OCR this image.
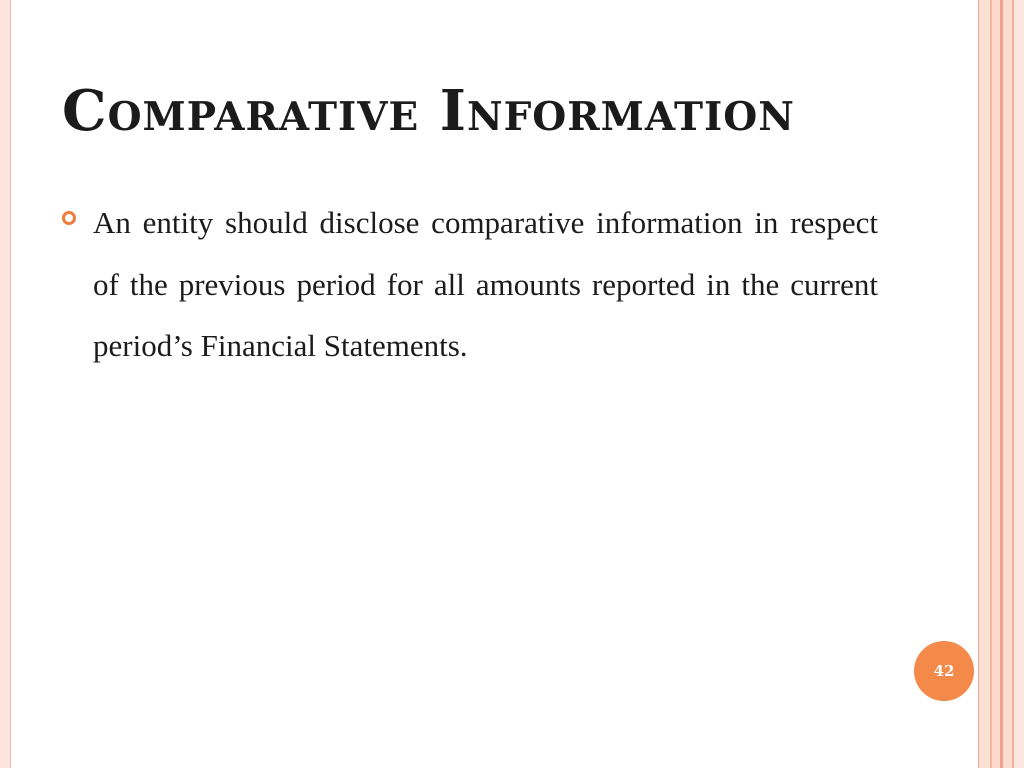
Comparative Information

An entity should disclose comparative information in respect of the previous period for all amounts reported in the current period’s Financial Statements.

42
